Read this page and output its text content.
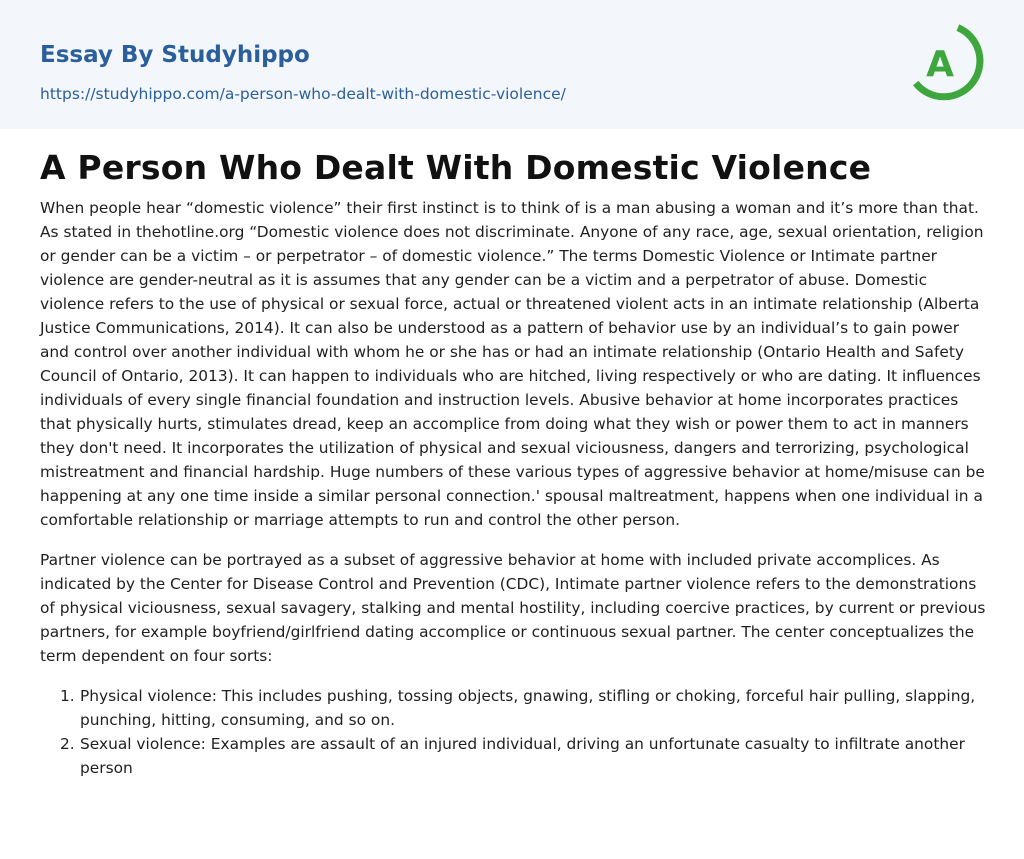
Essay By Studyhippo
https://studyhippo.com/a-person-who-dealt-with-domestic-violence/
A
A Person Who Dealt With Domestic Violence

When people hear “domestic violence” their first instinct is to think of is a man abusing a woman and it’s more than that. As stated in thehotline.org “Domestic violence does not discriminate. Anyone of any race, age, sexual orientation, religion or gender can be a victim – or perpetrator – of domestic violence.” The terms Domestic Violence or Intimate partner violence are gender-neutral as it is assumes that any gender can be a victim and a perpetrator of abuse. Domestic violence refers to the use of physical or sexual force, actual or threatened violent acts in an intimate relationship (Alberta Justice Communications, 2014). It can also be understood as a pattern of behavior use by an individual’s to gain power and control over another individual with whom he or she has or had an intimate relationship (Ontario Health and Safety Council of Ontario, 2013). It can happen to individuals who are hitched, living respectively or who are dating. It influences individuals of every single financial foundation and instruction levels. Abusive behavior at home incorporates practices that physically hurts, stimulates dread, keep an accomplice from doing what they wish or power them to act in manners they don't need. It incorporates the utilization of physical and sexual viciousness, dangers and terrorizing, psychological mistreatment and financial hardship. Huge numbers of these various types of aggressive behavior at home/misuse can be happening at any one time inside a similar personal connection.' spousal maltreatment, happens when one individual in a comfortable relationship or marriage attempts to run and control the other person.

Partner violence can be portrayed as a subset of aggressive behavior at home with included private accomplices. As indicated by the Center for Disease Control and Prevention (CDC), Intimate partner violence refers to the demonstrations of physical viciousness, sexual savagery, stalking and mental hostility, including coercive practices, by current or previous partners, for example boyfriend/girlfriend dating accomplice or continuous sexual partner. The center conceptualizes the term dependent on four sorts:

1. Physical violence: This includes pushing, tossing objects, gnawing, stifling or choking, forceful hair pulling, slapping, punching, hitting, consuming, and so on.
2. Sexual violence: Examples are assault of an injured individual, driving an unfortunate casualty to infiltrate another person
